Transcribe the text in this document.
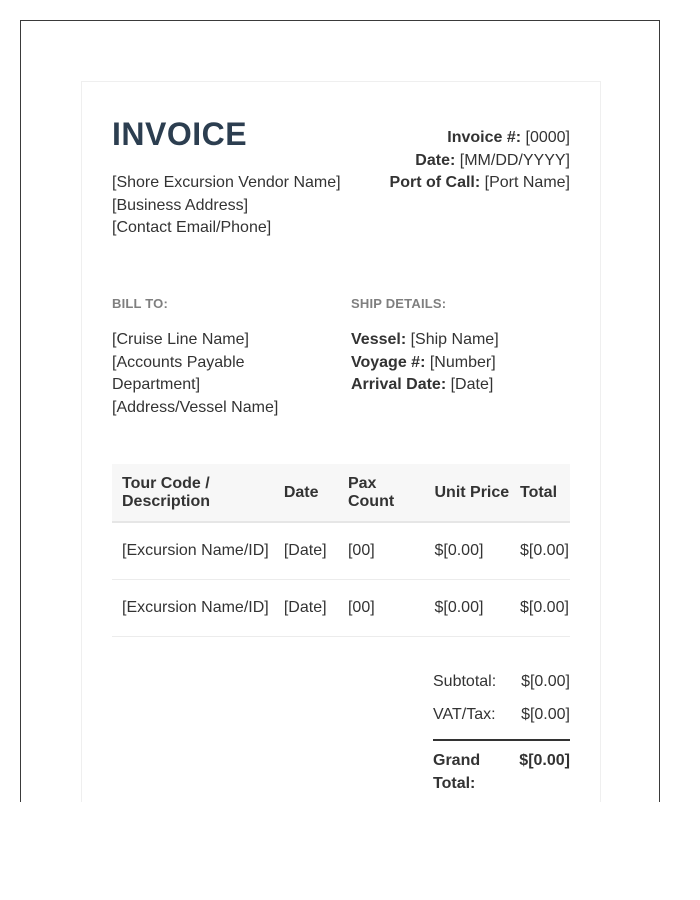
INVOICE
[Shore Excursion Vendor Name]
[Business Address]
[Contact Email/Phone]
Invoice #: [0000]
Date: [MM/DD/YYYY]
Port of Call: [Port Name]
BILL TO:	SHIP DETAILS:
[Cruise Line Name]
[Accounts Payable Department]
[Address/Vessel Name]
Vessel: [Ship Name]
Voyage #: [Number]
Arrival Date: [Date]
Tour Code / Description	Date	Pax Count	Unit Price	Total
[Excursion Name/ID]	[Date]	[00]	$[0.00]	$[0.00]
[Excursion Name/ID]	[Date]	[00]	$[0.00]	$[0.00]
Subtotal: $[0.00]
VAT/Tax: $[0.00]
Grand Total:
$[0.00]
